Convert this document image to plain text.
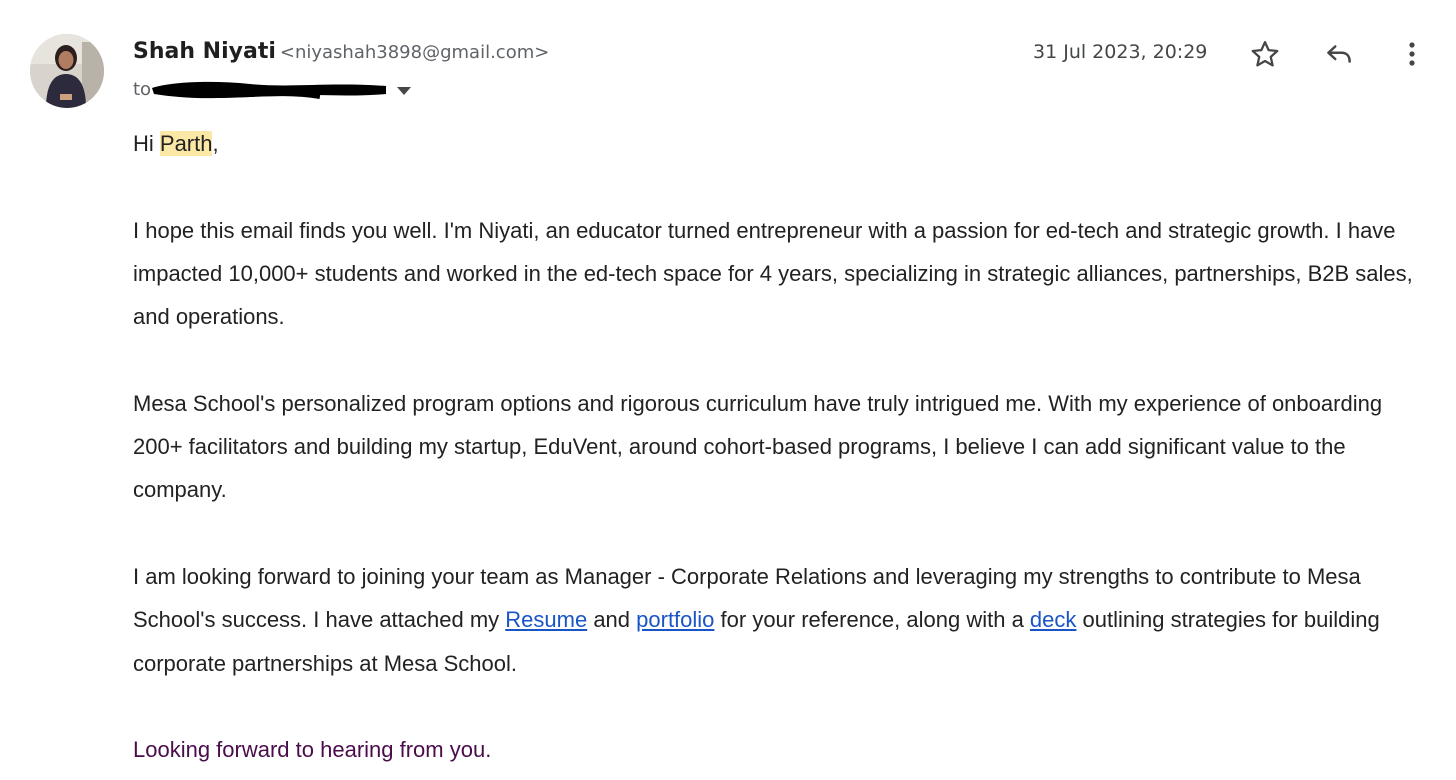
Shah Niyati <niyashah3898@gmail.com>
to
31 Jul 2023, 20:29

Hi Parth,

I hope this email finds you well. I'm Niyati, an educator turned entrepreneur with a passion for ed-tech and strategic growth. I have impacted 10,000+ students and worked in the ed-tech space for 4 years, specializing in strategic alliances, partnerships, B2B sales, and operations.

Mesa School's personalized program options and rigorous curriculum have truly intrigued me. With my experience of onboarding 200+ facilitators and building my startup, EduVent, around cohort-based programs, I believe I can add significant value to the company.

I am looking forward to joining your team as Manager - Corporate Relations and leveraging my strengths to contribute to Mesa School's success. I have attached my Resume and portfolio for your reference, along with a deck outlining strategies for building corporate partnerships at Mesa School.

Looking forward to hearing from you.
